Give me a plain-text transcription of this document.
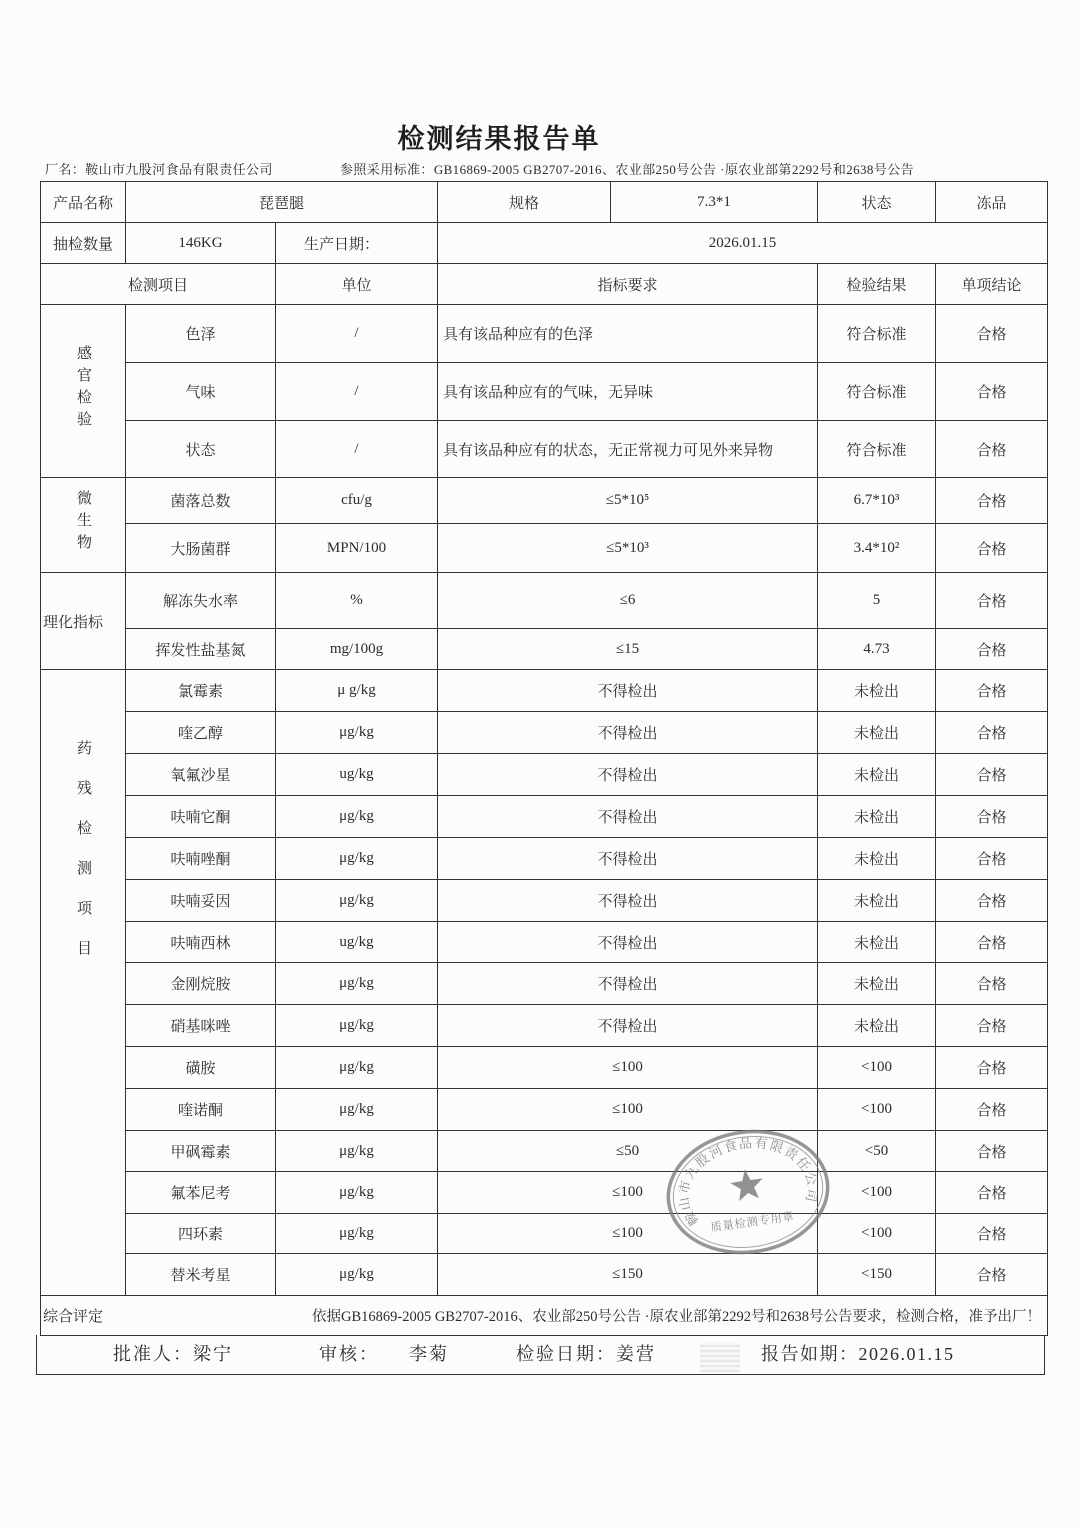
检测结果报告单
厂名：鞍山市九股河食品有限责任公司	参照采用标准：GB16869-2005 GB2707-2016、农业部250号公告 ·原农业部第2292号和2638号公告
产品名称	琵琶腿		规格	7.3*1	状态	冻品
抽检数量	146KG	生产日期：	2026.01.15			
检测项目		单位	指标要求		检验结果	单项结论
感官检验	色泽	/	具有该品种应有的色泽		符合标准	合格
	气味	/	具有该品种应有的气味，无异味		符合标准	合格
	状态	/	具有该品种应有的状态，无正常视力可见外来异物		符合标准	合格
微生物	菌落总数	cfu/g	≤5*10⁵		6.7*10³	合格
	大肠菌群	MPN/100	≤5*10³		3.4*10²	合格
理化指标	解冻失水率	%	≤6		5	合格
	挥发性盐基氮	mg/100g	≤15		4.73	合格
药残检测项目	氯霉素	μ g/kg	不得检出		未检出	合格
	喹乙醇	μg/kg	不得检出		未检出	合格
	氧氟沙星	ug/kg	不得检出		未检出	合格
	呋喃它酮	μg/kg	不得检出		未检出	合格
	呋喃唑酮	μg/kg	不得检出		未检出	合格
	呋喃妥因	μg/kg	不得检出		未检出	合格
	呋喃西林	ug/kg	不得检出		未检出	合格
	金刚烷胺	μg/kg	不得检出		未检出	合格
	硝基咪唑	μg/kg	不得检出		未检出	合格
	磺胺	μg/kg	≤100		<100	合格
	喹诺酮	μg/kg	≤100		<100	合格
	甲砜霉素	μg/kg	≤50		<50	合格
	氟苯尼考	μg/kg	≤100		<100	合格
	四环素	μg/kg	≤100		<100	合格
	替米考星	μg/kg	≤150		<150	合格

综合评定 依据GB16869-2005 GB2707-2016、农业部250号公告 ·原农业部第2292号和2638号公告要求，检测合格，准予出厂！						
批准人：梁宁	审核： 李菊	检验日期：姜营	报告如期：2026.01.15
鞍山市九股河食品有限责任公司
质量检测专用章
